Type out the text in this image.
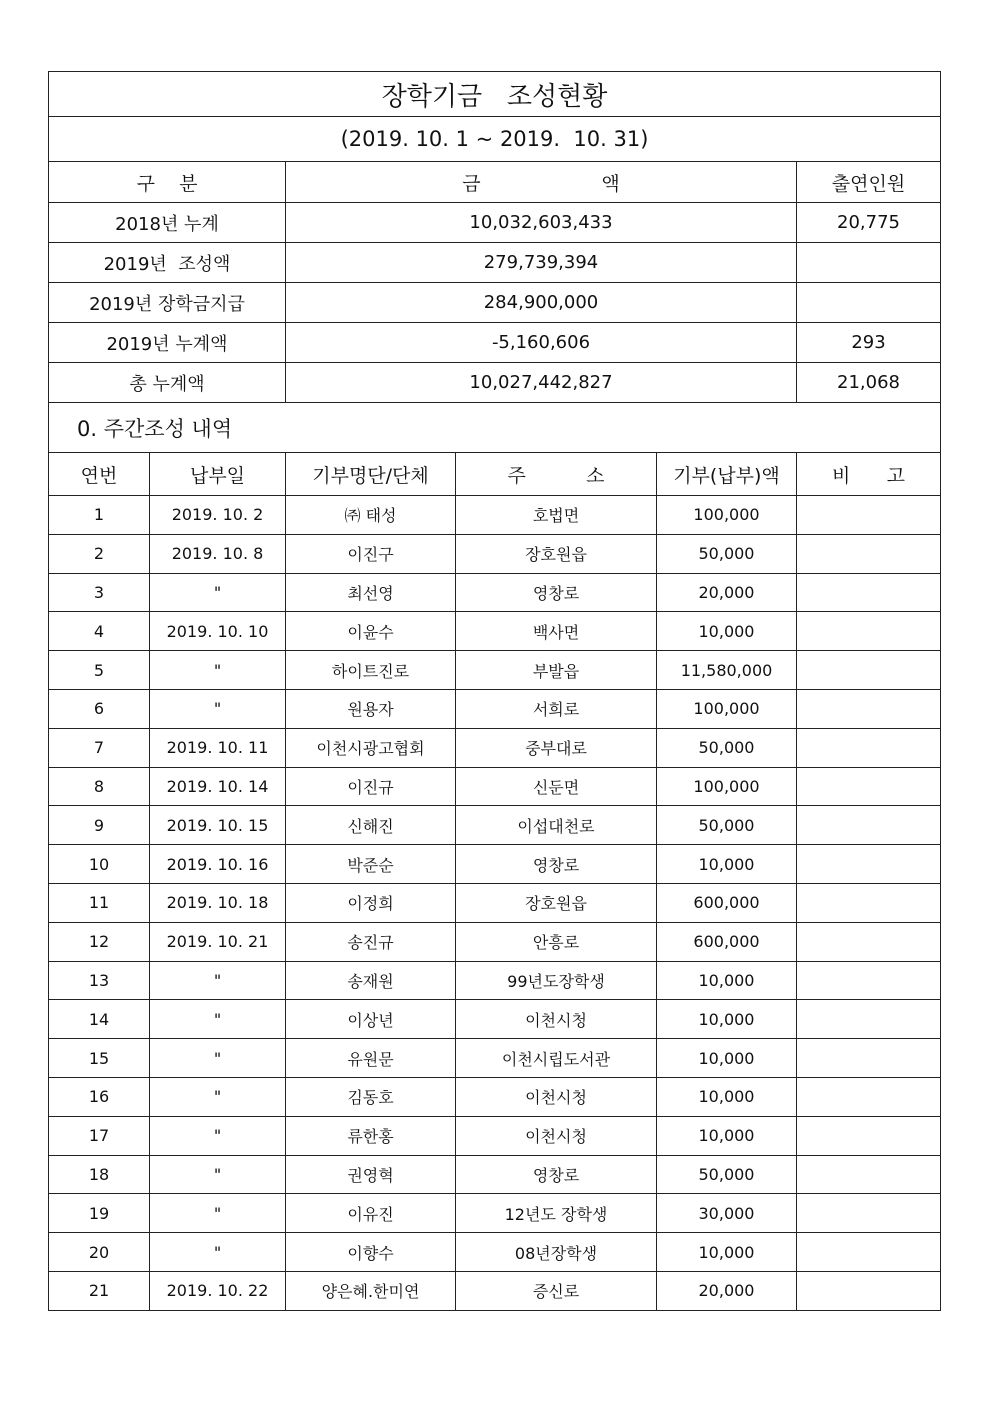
장학기금   조성현황		
(2019. 10. 1 ~ 2019.  10. 31)		
구    분	금                    액	출연인원
2018년 누계	10,032,603,433	20,775
2019년  조성액	279,739,394	
2019년 장학금지급	284,900,000	
2019년 누계액	-5,160,606	293
총 누계액	10,027,442,827	21,068
0. 주간조성 내역		
연번	납부일	기부명단/단체	주          소	기부(납부)액	비      고
1	2019. 10. 2	㈜ 태성	호법면	100,000	
2	2019. 10. 8	이진구	장호원읍	50,000	
3	"	최선영	영창로	20,000	
4	2019. 10. 10	이윤수	백사면	10,000	
5	"	하이트진로	부발읍	11,580,000	
6	"	원용자	서희로	100,000	
7	2019. 10. 11	이천시광고협회	중부대로	50,000	
8	2019. 10. 14	이진규	신둔면	100,000	
9	2019. 10. 15	신해진	이섭대천로	50,000	
10	2019. 10. 16	박준순	영창로	10,000	
11	2019. 10. 18	이정희	장호원읍	600,000	
12	2019. 10. 21	송진규	안흥로	600,000	
13	"	송재원	99년도장학생	10,000	
14	"	이상년	이천시청	10,000	
15	"	유원문	이천시립도서관	10,000	
16	"	김동호	이천시청	10,000	
17	"	류한홍	이천시청	10,000	
18	"	권영혁	영창로	50,000	
19	"	이유진	12년도 장학생	30,000	
20	"	이향수	08년장학생	10,000	
21	2019. 10. 22	양은혜.한미연	증신로	20,000	
